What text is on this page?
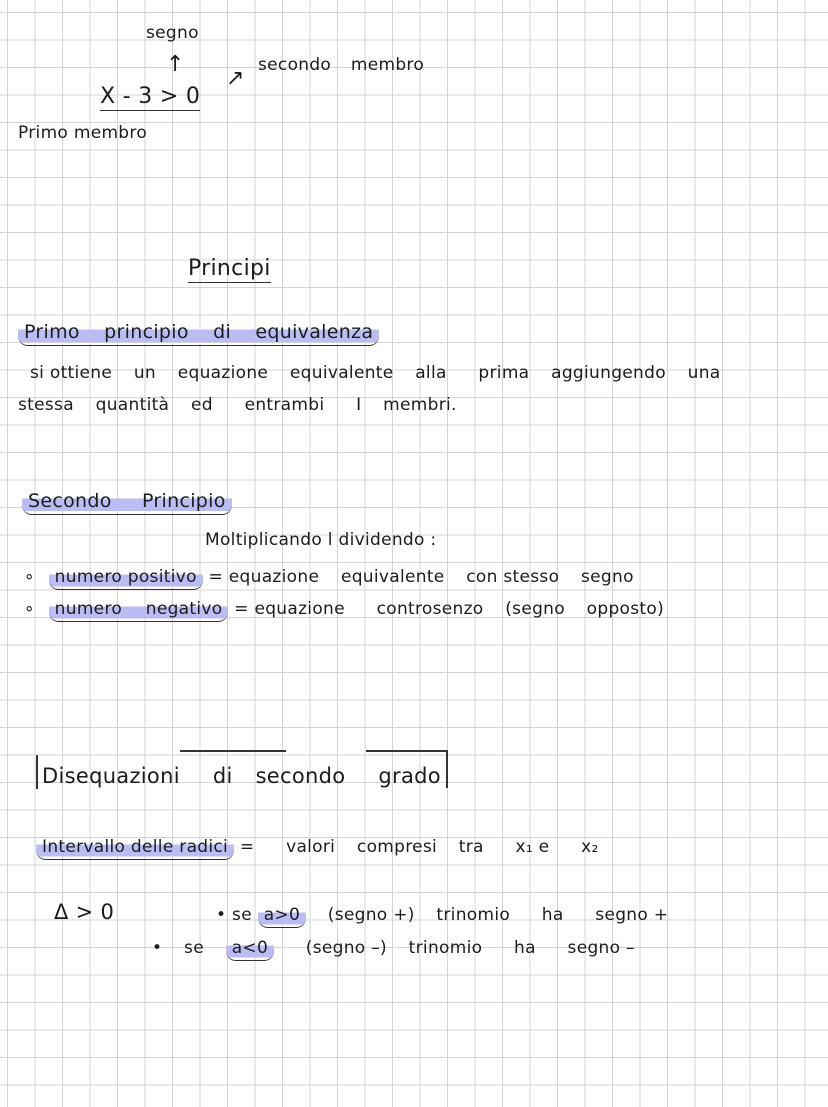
segno
↑
X - 3 > 0
↗
secondo membro
Primo membro
Principi
Primo principio di equivalenza
si ottiene un equazione equivalente alla prima aggiungendo una
stessa quantità ed entrambi I membri.
Secondo Principio
Moltiplicando l dividendo :
∘ numero positivo = equazione equivalente con stesso segno
∘ numero negativo = equazione controsenzo (segno opposto)
Disequazioni di secondo grado
Intervallo delle radici = valori compresi tra x₁ e x₂
Δ > 0	• se a>0 (segno +) trinomio ha segno +
• se a<0 (segno –) trinomio ha segno –
